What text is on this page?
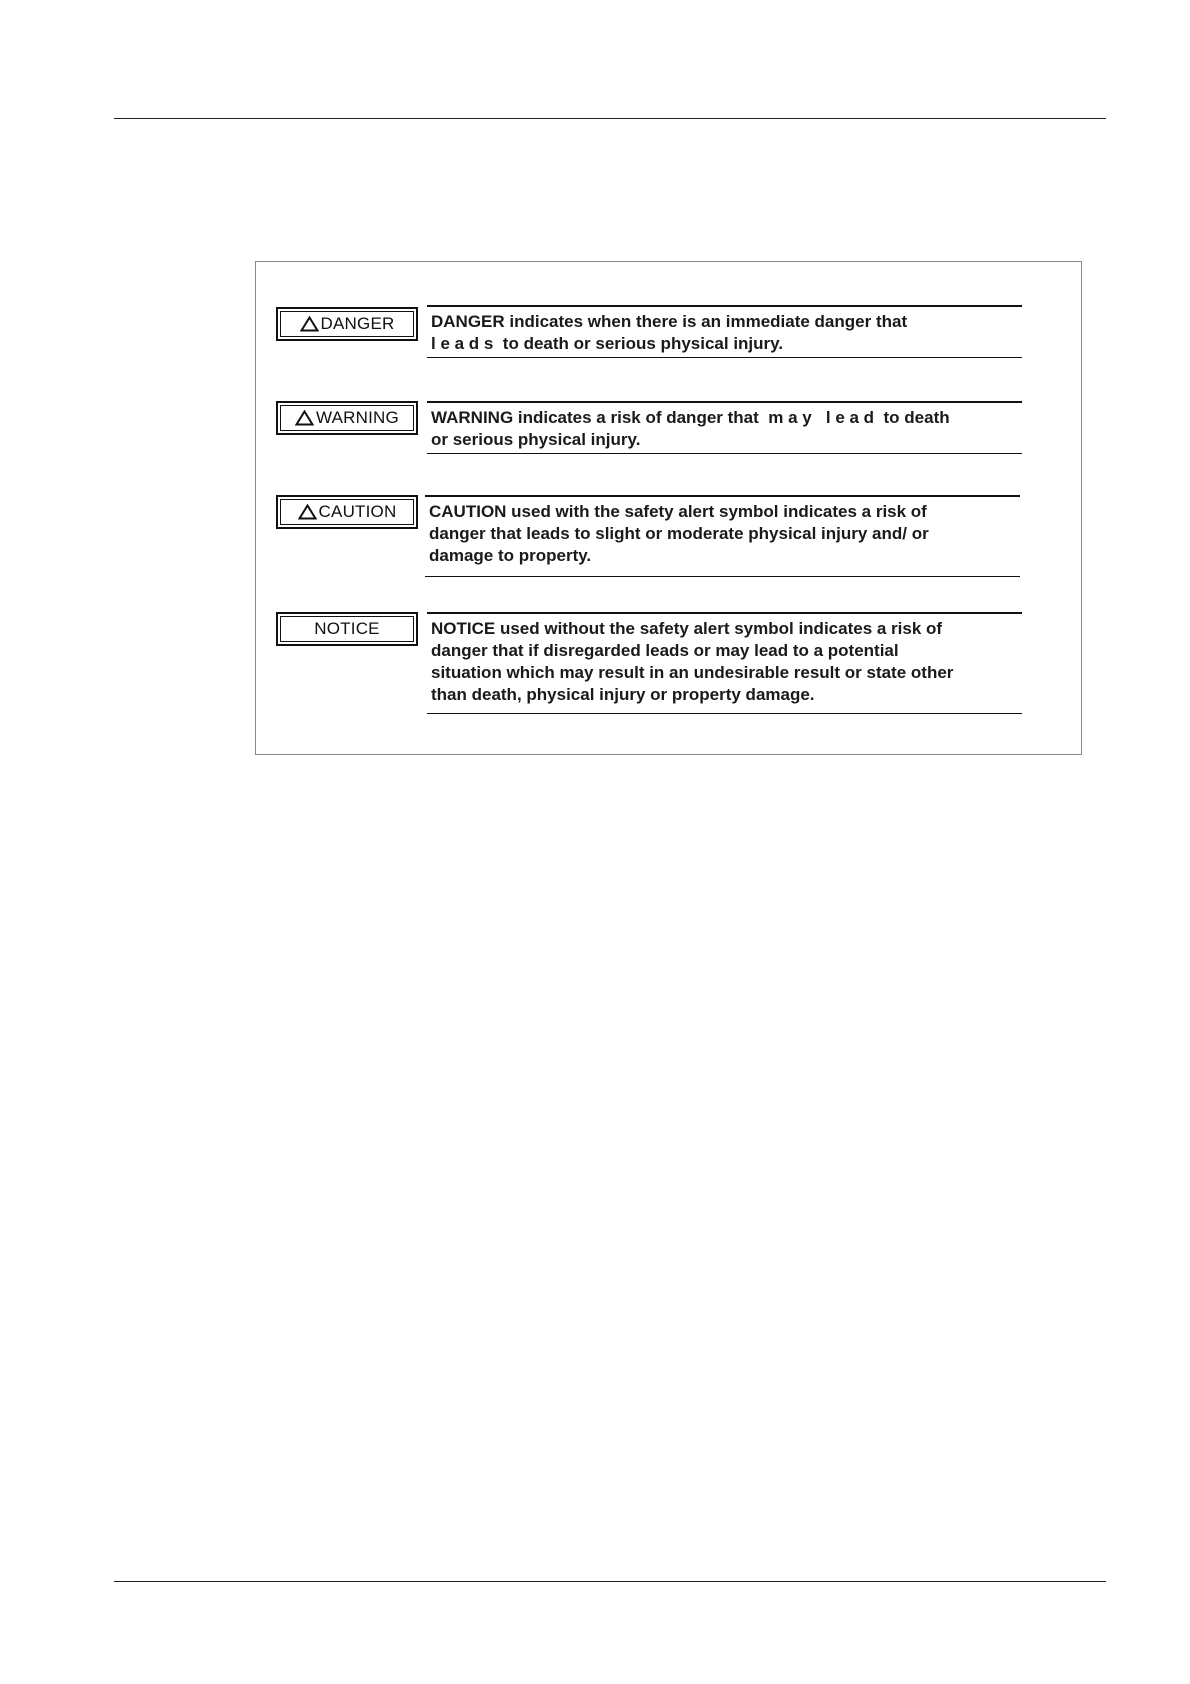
DANGER DANGER indicates when there is an immediate danger that
l e a d s  to death or serious physical injury.
WARNING WARNING indicates a risk of danger that  m a y   l e a d  to death
or serious physical injury.
CAUTION CAUTION used with the safety alert symbol indicates a risk of
danger that leads to slight or moderate physical injury and/ or
damage to property.
NOTICE	NOTICE used without the safety alert symbol indicates a risk of
danger that if disregarded leads or may lead to a potential
situation which may result in an undesirable result or state other
than death, physical injury or property damage.
